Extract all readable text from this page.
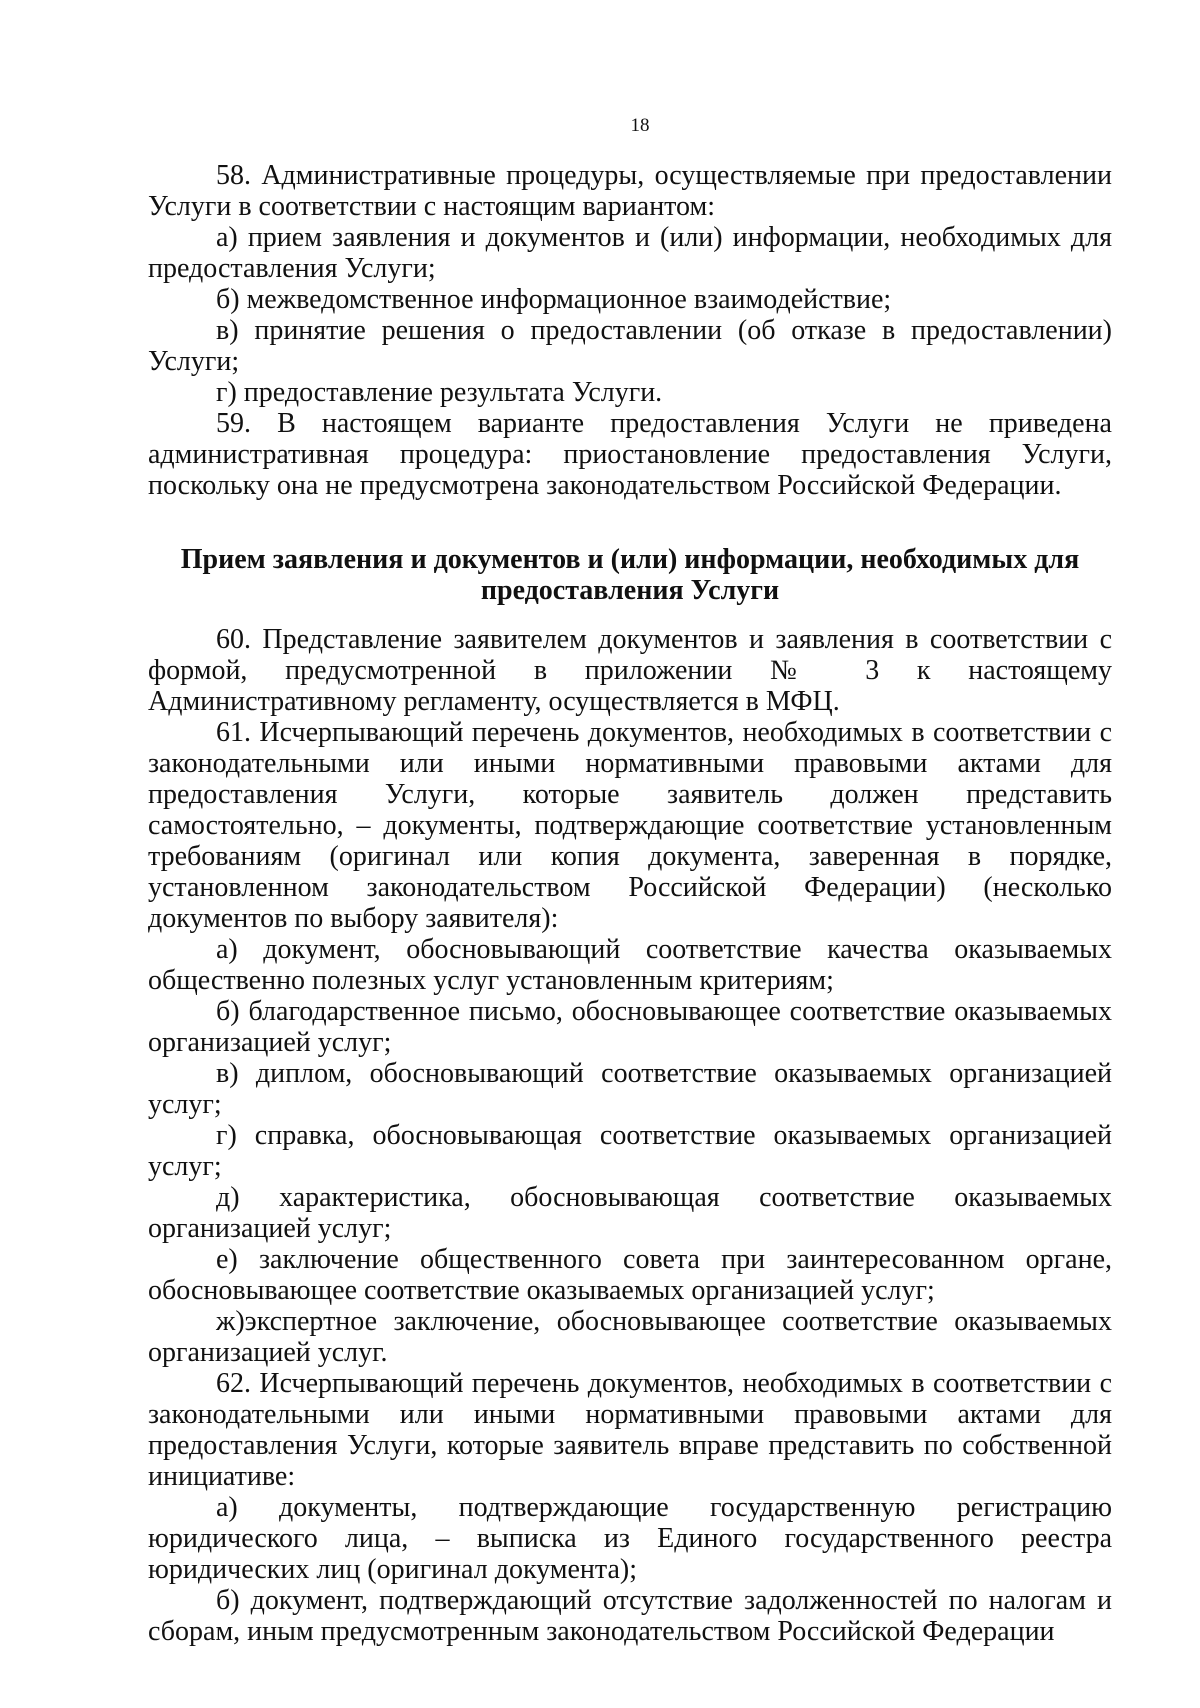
18

58. Административные процедуры, осуществляемые при предоставлении Услуги в соответствии с настоящим вариантом:

а) прием заявления и документов и (или) информации, необходимых для предоставления Услуги;

б) межведомственное информационное взаимодействие;

в) принятие решения о предоставлении (об отказе в предоставлении) Услуги;

г) предоставление результата Услуги.

59. В настоящем варианте предоставления Услуги не приведена административная процедура: приостановление предоставления Услуги, поскольку она не предусмотрена законодательством Российской Федерации.

Прием заявления и документов и (или) информации, необходимых для

предоставления Услуги

60. Представление заявителем документов и заявления в соответствии с формой, предусмотренной в приложении № 3 к настоящему Административному регламенту, осуществляется в МФЦ.

61. Исчерпывающий перечень документов, необходимых в соответствии с законодательными или иными нормативными правовыми актами для предоставления Услуги, которые заявитель должен представить самостоятельно, – документы, подтверждающие соответствие установленным требованиям (оригинал или копия документа, заверенная в порядке, установленном законодательством Российской Федерации) (несколько документов по выбору заявителя):

а) документ, обосновывающий соответствие качества оказываемых общественно полезных услуг установленным критериям;

б) благодарственное письмо, обосновывающее соответствие оказываемых организацией услуг;

в) диплом, обосновывающий соответствие оказываемых организацией услуг;

г) справка, обосновывающая соответствие оказываемых организацией услуг;

д) характеристика, обосновывающая соответствие оказываемых организацией услуг;

е) заключение общественного совета при заинтересованном органе, обосновывающее соответствие оказываемых организацией услуг;

ж)экспертное заключение, обосновывающее соответствие оказываемых организацией услуг.

62. Исчерпывающий перечень документов, необходимых в соответствии с законодательными или иными нормативными правовыми актами для предоставления Услуги, которые заявитель вправе представить по собственной инициативе:

а) документы, подтверждающие государственную регистрацию юридического лица, – выписка из Единого государственного реестра юридических лиц (оригинал документа);

б) документ, подтверждающий отсутствие задолженностей по налогам и сборам, иным предусмотренным законодательством Российской Федерации
